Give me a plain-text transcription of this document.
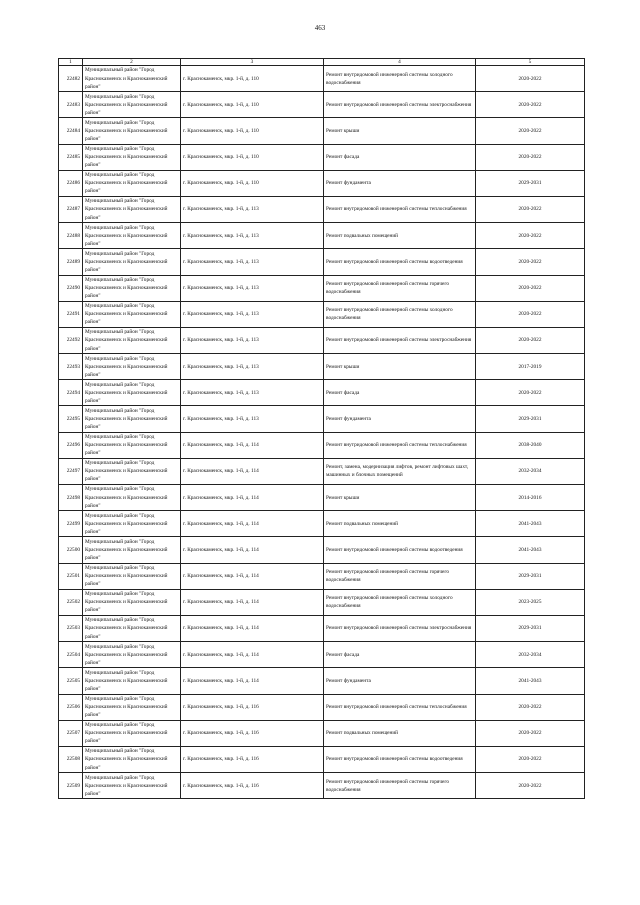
463
1	2	3	4	5
22482	Муниципальный район "Город Красноказменск и Краснокаменский район"	г. Краснокаменск, мкр. 1-й, д. 110	Ремонт внутридомовой инженерной системы холодного водоснабжения	2020-2022
22483	Муниципальный район "Город Красноказменск и Краснокаменский район"	г. Краснокаменск, мкр. 1-й, д. 110	Ремонт внутридомовой инженерной системы электроснабжения	2020-2022
22484	Муниципальный район "Город Красноказменск и Краснокаменский район"	г. Краснокаменск, мкр. 1-й, д. 110	Ремонт крыши	2020-2022
22485	Муниципальный район "Город Красноказменск и Краснокаменский район"	г. Краснокаменск, мкр. 1-й, д. 110	Ремонт фасада	2020-2022
22486	Муниципальный район "Город Красноказменск и Краснокаменский район"	г. Краснокаменск, мкр. 1-й, д. 110	Ремонт фундамента	2029-2031
22487	Муниципальный район "Город Красноказменск и Краснокаменский район"	г. Краснокаменск, мкр. 1-й, д. 113	Ремонт внутридомовой инженерной системы теплоснабжения	2020-2022
22488	Муниципальный район "Город Красноказменск и Краснокаменский район"	г. Краснокаменск, мкр. 1-й, д. 113	Ремонт подвальных помещений	2020-2022
22489	Муниципальный район "Город Красноказменск и Краснокаменский район"	г. Краснокаменск, мкр. 1-й, д. 113	Ремонт внутридомовой инженерной системы водоотведения	2020-2022
22490	Муниципальный район "Город Красноказменск и Краснокаменский район"	г. Краснокаменск, мкр. 1-й, д. 113	Ремонт внутридомовой инженерной системы горячего водоснабжения	2020-2022
22491	Муниципальный район "Город Красноказменск и Краснокаменский район"	г. Краснокаменск, мкр. 1-й, д. 113	Ремонт внутридомовой инженерной системы холодного водоснабжения	2020-2022
22492	Муниципальный район "Город Красноказменск и Краснокаменский район"	г. Краснокаменск, мкр. 1-й, д. 113	Ремонт внутридомовой инженерной системы электроснабжения	2020-2022
22493	Муниципальный район "Город Красноказменск и Краснокаменский район"	г. Краснокаменск, мкр. 1-й, д. 113	Ремонт крыши	2017-2019
22494	Муниципальный район "Город Красноказменск и Краснокаменский район"	г. Краснокаменск, мкр. 1-й, д. 113	Ремонт фасада	2020-2022
22495	Муниципальный район "Город Красноказменск и Краснокаменский район"	г. Краснокаменск, мкр. 1-й, д. 113	Ремонт фундамента	2029-2031
22496	Муниципальный район "Город Красноказменск и Краснокаменский район"	г. Краснокаменск, мкр. 1-й, д. 114	Ремонт внутридомовой инженерной системы теплоснабжения	2038-2040
22497	Муниципальный район "Город Красноказменск и Краснокаменский район"	г. Краснокаменск, мкр. 1-й, д. 114	Ремонт, замена, модернизация лифтов, ремонт лифтовых шахт, машинных и блочных помещений	2032-2034
22498	Муниципальный район "Город Красноказменск и Краснокаменский район"	г. Краснокаменск, мкр. 1-й, д. 114	Ремонт крыши	2014-2016
22499	Муниципальный район "Город Красноказменск и Краснокаменский район"	г. Краснокаменск, мкр. 1-й, д. 114	Ремонт подвальных помещений	2041-2043
22500	Муниципальный район "Город Красноказменск и Краснокаменский район"	г. Краснокаменск, мкр. 1-й, д. 114	Ремонт внутридомовой инженерной системы водоотведения	2041-2043
22501	Муниципальный район "Город Красноказменск и Краснокаменский район"	г. Краснокаменск, мкр. 1-й, д. 114	Ремонт внутридомовой инженерной системы горячего водоснабжения	2029-2031
22502	Муниципальный район "Город Красноказменск и Краснокаменский район"	г. Краснокаменск, мкр. 1-й, д. 114	Ремонт внутридомовой инженерной системы холодного водоснабжения	2023-2025
22503	Муниципальный район "Город Красноказменск и Краснокаменский район"	г. Краснокаменск, мкр. 1-й, д. 114	Ремонт внутридомовой инженерной системы электроснабжения	2029-2031
22504	Муниципальный район "Город Красноказменск и Краснокаменский район"	г. Краснокаменск, мкр. 1-й, д. 114	Ремонт фасада	2032-2034
22505	Муниципальный район "Город Красноказменск и Краснокаменский район"	г. Краснокаменск, мкр. 1-й, д. 114	Ремонт фундамента	2041-2043
22506	Муниципальный район "Город Красноказменск и Краснокаменский район"	г. Краснокаменск, мкр. 1-й, д. 116	Ремонт внутридомовой инженерной системы теплоснабжения	2020-2022
22507	Муниципальный район "Город Красноказменск и Краснокаменский район"	г. Краснокаменск, мкр. 1-й, д. 116	Ремонт подвальных помещений	2020-2022
22508	Муниципальный район "Город Красноказменск и Краснокаменский район"	г. Краснокаменск, мкр. 1-й, д. 116	Ремонт внутридомовой инженерной системы водоотведения	2020-2022
22509	Муниципальный район "Город Красноказменск и Краснокаменский район"	г. Краснокаменск, мкр. 1-й, д. 116	Ремонт внутридомовой инженерной системы горячего водоснабжения	2020-2022
